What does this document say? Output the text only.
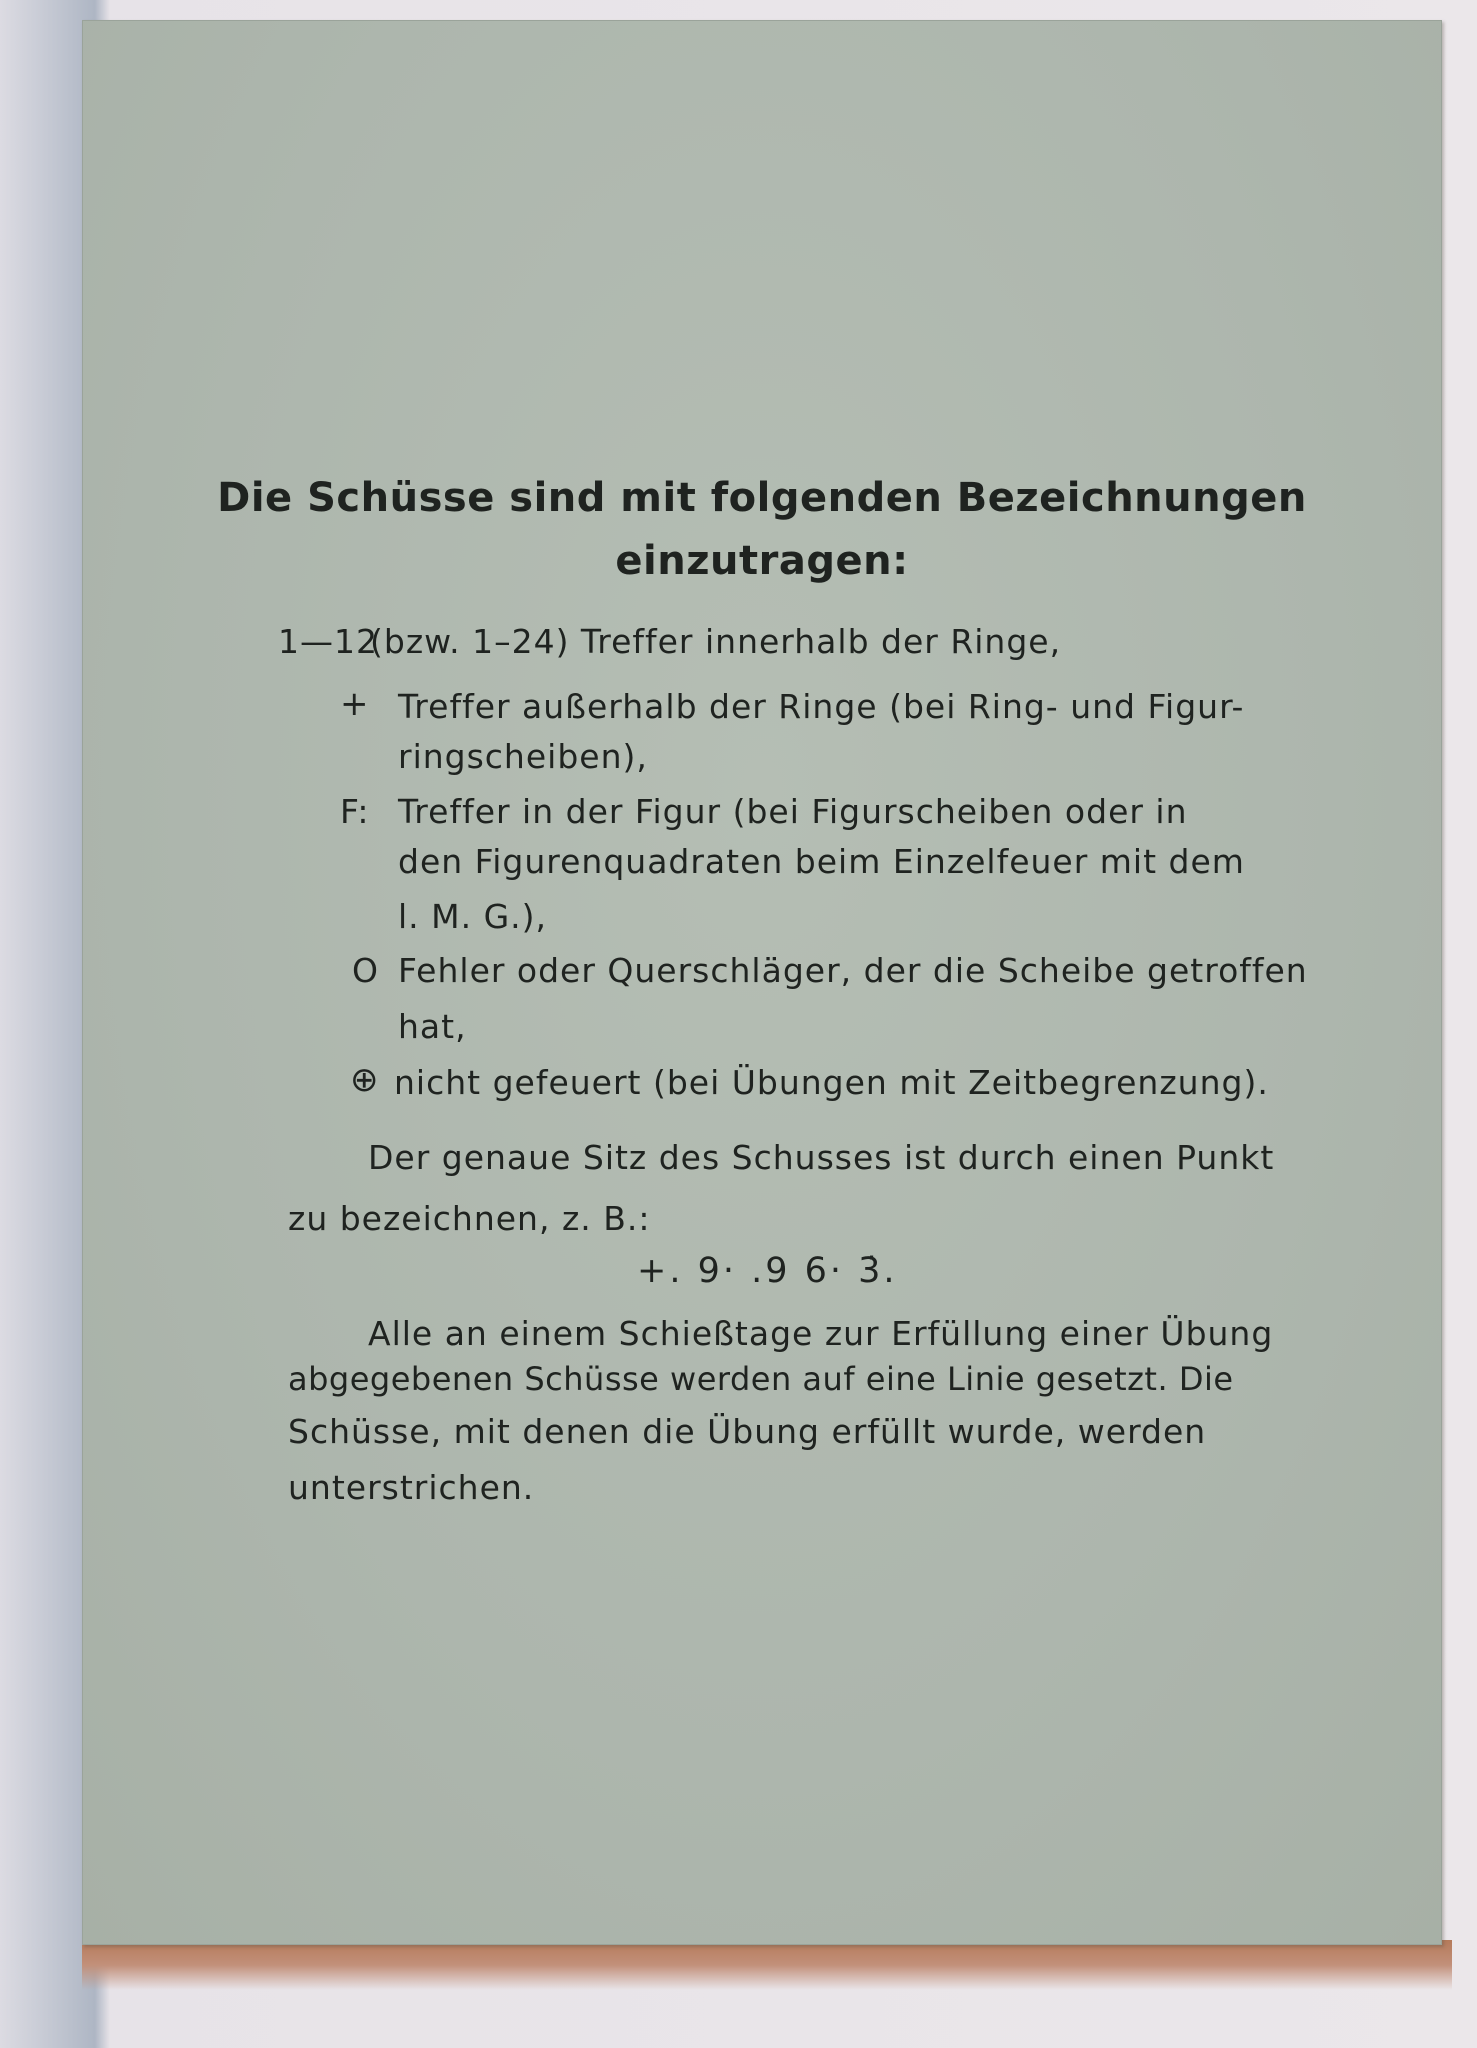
Die Schüsse sind mit folgenden Bezeichnungen
einzutragen:
1—12
(bzw. 1–24) Treffer innerhalb der Ringe,
+ Treffer außerhalb der Ringe (bei Ring- und Figur-
ringscheiben),
F: Treffer in der Figur (bei Figurscheiben oder in
den Figurenquadraten beim Einzelfeuer mit dem
l. M. G.),
O Fehler oder Querschläger, der die Scheibe getroffen
hat,
⊕ nicht gefeuert (bei Übungen mit Zeitbegrenzung).
Der genaue Sitz des Schusses ist durch einen Punkt
zu bezeichnen, z. B.:
+. 9· .9 6· 3̇.
Alle an einem Schießtage zur Erfüllung einer Übung
abgegebenen Schüsse werden auf eine Linie gesetzt. Die
Schüsse, mit denen die Übung erfüllt wurde, werden
unterstrichen.
